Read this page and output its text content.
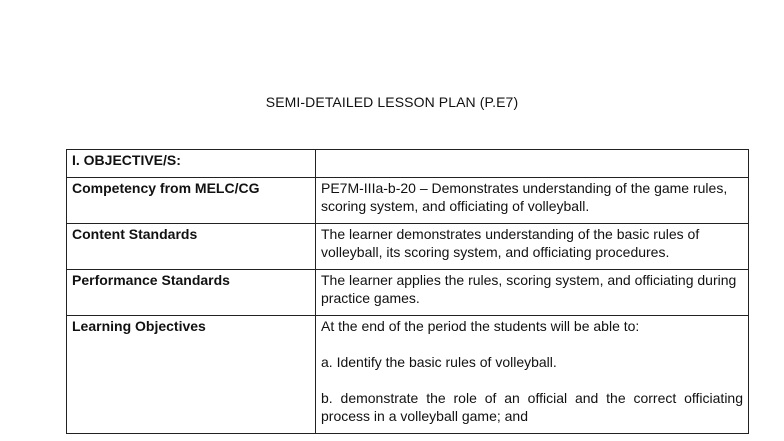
SEMI-DETAILED LESSON PLAN (P.E7)
I. OBJECTIVE/S:	
Competency from MELC/CG	PE7M-IIIa-b-20 – Demonstrates understanding of the game rules, scoring system, and officiating of volleyball.
Content Standards	The learner demonstrates understanding of the basic rules of volleyball, its scoring system, and officiating procedures.
Performance Standards	The learner applies the rules, scoring system, and officiating during practice games.
Learning Objectives	At the end of the period the students will be able to:

a. Identify the basic rules of volleyball.

b. demonstrate the role of an official and the correct officiating process in a volleyball game; and
